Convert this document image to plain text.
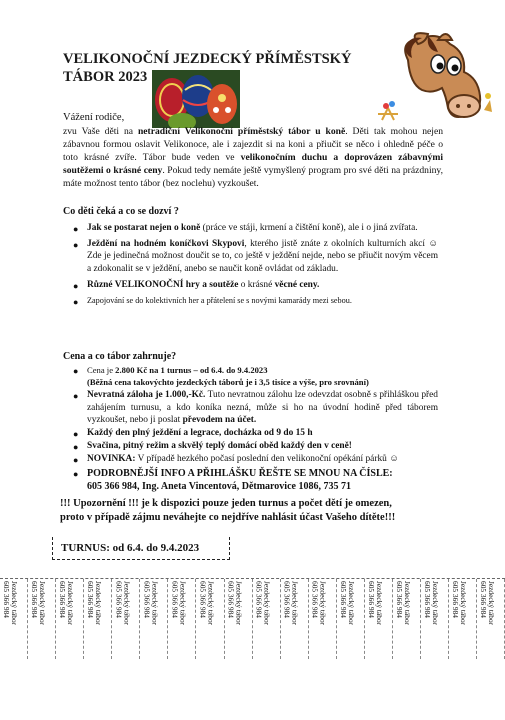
VELIKONOČNÍ JEZDECKÝ PŘÍMĚSTSKÝ
TÁBOR 2023
Vážení rodiče,
zvu Vaše děti na netradiční Velikonoční příměstský tábor u koně. Děti tak mohou nejen zábavnou formou oslavit Velikonoce, ale i zajezdit si na koni a přiučit se něco i ohledně péče o toto krásné zvíře. Tábor bude veden ve velikonočním duchu a doprovázen zábavnými soutěžemi o krásné ceny. Pokud tedy nemáte ještě vymyšlený program pro své děti na prázdniny, máte možnost tento tábor (bez noclehu) vyzkoušet.
Co děti čeká a co se dozví ?
● Jak se postarat nejen o koně (práce ve stáji, krmení a čištění koně), ale i o jiná zvířata.
● Ježdění na hodném koníčkovi Skypovi, kterého jistě znáte z okolních kulturních akcí ☺ Zde je jedinečná možnost doučit se to, co ještě v ježdění nejde, nebo se přiučit novým věcem a zdokonalit se v ježdění, anebo se naučit koně ovládat od základu.
● Různé VELIKONOČNÍ hry a soutěže o krásné věcné ceny.
● Zapojování se do kolektivních her a přátelení se s novými kamarády mezi sebou.
Cena a co tábor zahrnuje?
● Cena je 2.800 Kč na 1 turnus – od 6.4. do 9.4.2023
(Běžná cena takovýchto jezdeckých táborů je i 3,5 tisíce a výše, pro srovnání)
● Nevratná záloha je 1.000,-Kč. Tuto nevratnou zálohu lze odevzdat osobně s přihláškou před zahájením turnusu, a kdo koníka nezná, může si ho na úvodní hodině před táborem vyzkoušet, nebo ji poslat převodem na účet.
● Každý den plný ježdění a legrace, docházka od 9 do 15 h
● Svačina, pitný režim a skvělý teplý domácí oběd každý den v ceně!
● NOVINKA: V případě hezkého počasí poslední den velikonoční opékání párků ☺
● PODROBNĚJŠÍ INFO A PŘIHLÁŠKU ŘEŠTE SE MNOU NA ČÍSLE:
605 366 984, Ing. Aneta Vincentová, Dětmarovice 1086, 735 71
!!! Upozornění !!! je k dispozici pouze jeden turnus a počet dětí je omezen,
proto v případě zájmu neváhejte co nejdříve nahlásit účast Vašeho dítěte!!!
TURNUS: od 6.4. do 9.4.2023
Jezdecký tábor
605 366 984	Jezdecký tábor
605 366 984	Jezdecký tábor
605 366 984	Jezdecký tábor
605 366 984	Jezdecký tábor
605 366 984	Jezdecký tábor
605 366 984	Jezdecký tábor
605 366 984	Jezdecký tábor
605 366 984	Jezdecký tábor
605 366 984	Jezdecký tábor
605 366 984	Jezdecký tábor
605 366 984	Jezdecký tábor
605 366 984	Jezdecký tábor
605 366 984	Jezdecký tábor
605 366 984	Jezdecký tábor
605 366 984	Jezdecký tábor
605 366 984	Jezdecký tábor
605 366 984	Jezdecký tábor
605 366 984
